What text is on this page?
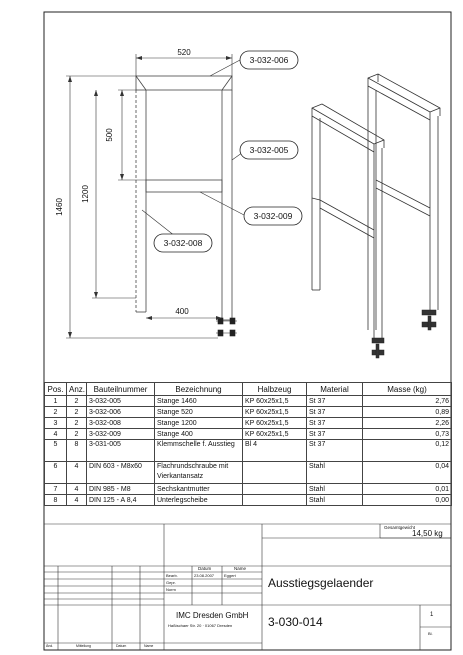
3-032-006
3-032-005
3-032-009
3-032-008
520
500
1200
1460
400
Pos.	Anz.	Bauteilnummer	Bezeichnung	Halbzeug	Material	Masse (kg)
1	2	3-032-005	Stange 1460	KP 60x25x1,5	St 37	2,76
2	2	3-032-006	Stange 520	KP 60x25x1,5	St 37	0,89
3	2	3-032-008	Stange 1200	KP 60x25x1,5	St 37	2,26
4	2	3-032-009	Stange 400	KP 60x25x1,5	St 37	0,73
5	8	3-031-005	Klemmschelle f. Ausstieg	Bl 4	St 37	0,12
6	4	DIN 603 - M8x60	Flachrundschraube mit Vierkantansatz		Stahl	0,04
7	4	DIN 985 - M8	Sechskantmutter		Stahl	0,01
8	4	DIN 125 - A 8,4	Unterlegscheibe		Stahl	0,00
Gesamtgewicht
14,50 kg
Datum	Name
Bearb.	23.08.2007 Eggert
Gepr.
Norm	Ausstiegsgelaender
IMC Dresden GmbH
Haßtschaer Str. 20 · 01067 Dresden	3-030-014	1
Bl.
Änd.	Mitteilung	Datum	Name
